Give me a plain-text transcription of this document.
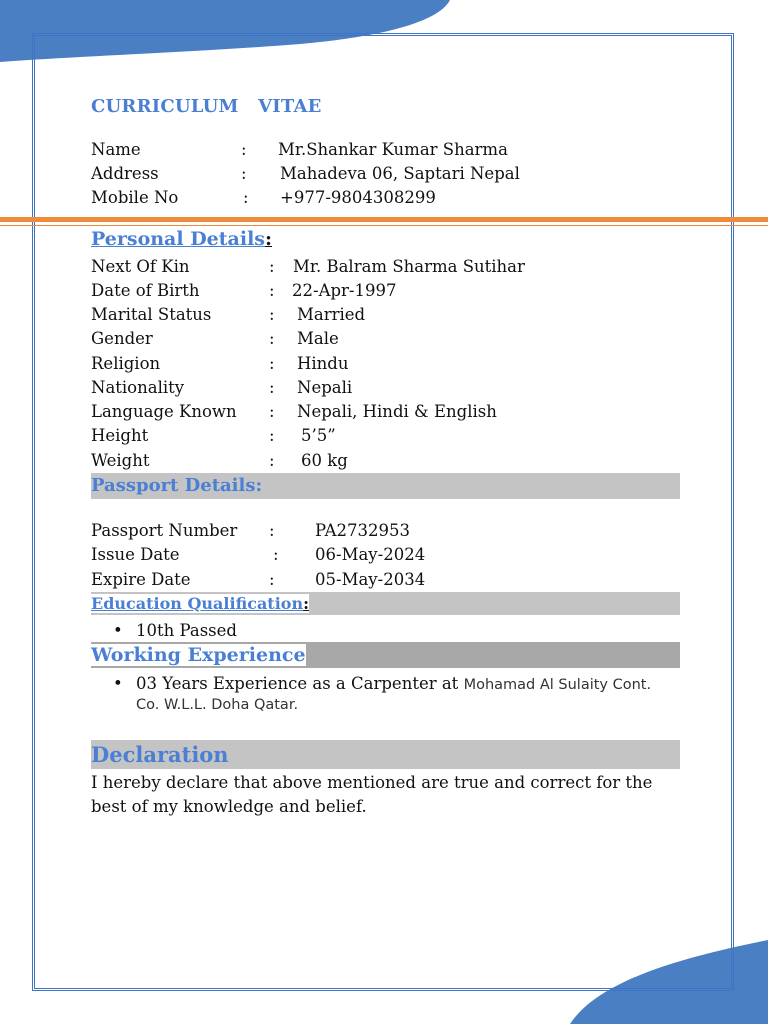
CURRICULUM   VITAE
Name	: Mr.Shankar Kumar Sharma
Address	: Mahadeva 06, Saptari Nepal
Mobile No	: +977-9804308299
Personal Details:
Next Of Kin	: Mr. Balram Sharma Sutihar
Date of Birth	: 22-Apr-1997
Marital Status	: Married
Gender	: Male
Religion	: Hindu
Nationality	: Nepali
Language Known : Nepali, Hindi & English
Height	: 5’5”
Weight	: 60 kg
Passport Details:
Passport Number : PA2732953
Issue Date	: 06-May-2024
Expire Date	: 05-May-2034
Education Qualification:
• 10th Passed
Working Experience
• 03 Years Experience as a Carpenter at Mohamad Al Sulaity Cont.
Co. W.L.L. Doha Qatar.
Declaration
I hereby declare that above mentioned are true and correct for the best of my knowledge and belief.
